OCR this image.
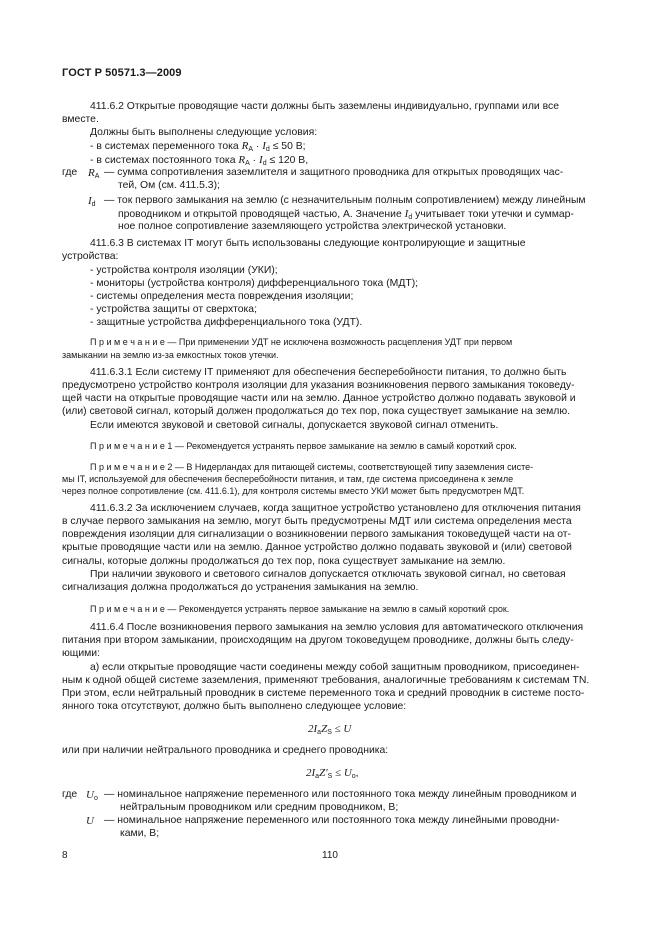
ГОСТ Р 50571.3—2009
411.6.2 Открытые проводящие части должны быть заземлены индивидуально, группами или все
вместе.
Должны быть выполнены следующие условия:
- в системах переменного тока $R_A \cdot I_d \le 50$ В;
- в системах постоянного тока $R_A \cdot I_d \le 120$ В,
где $R_A$ — сумма сопротивления заземлителя и защитного проводника для открытых проводящих час-
тей, Ом (см. 411.5.3);
$I_d$ — ток первого замыкания на землю (с незначительным полным сопротивлением) между линейным
проводником и открытой проводящей частью, А. Значение $I_d$ учитывает токи утечки и суммар-
ное полное сопротивление заземляющего устройства электрической установки.
411.6.3 В системах IT могут быть использованы следующие контролирующие и защитные
устройства:
- устройства контроля изоляции (УКИ);
- мониторы (устройства контроля) дифференциального тока (МДТ);
- системы определения места повреждения изоляции;
- устройства защиты от сверхтока;
- защитные устройства дифференциального тока (УДТ).
П р и м е ч а н и е — При применении УДТ не исключена возможность расцепления УДТ при первом
замыкании на землю из-за емкостных токов утечки.
411.6.3.1 Если систему IT применяют для обеспечения бесперебойности питания, то должно быть
предусмотрено устройство контроля изоляции для указания возникновения первого замыкания токоведу-
щей части на открытые проводящие части или на землю. Данное устройство должно подавать звуковой и
(или) световой сигнал, который должен продолжаться до тех пор, пока существует замыкание на землю.
Если имеются звуковой и световой сигналы, допускается звуковой сигнал отменить.
П р и м е ч а н и е 1 — Рекомендуется устранять первое замыкание на землю в самый короткий срок.
П р и м е ч а н и е 2 — В Нидерландах для питающей системы, соответствующей типу заземления систе-
мы IT, используемой для обеспечения бесперебойности питания, и там, где система присоединена к земле
через полное сопротивление (см. 411.6.1), для контроля системы вместо УКИ может быть предусмотрен МДТ.
411.6.3.2 За исключением случаев, когда защитное устройство установлено для отключения питания
в случае первого замыкания на землю, могут быть предусмотрены МДТ или система определения места
повреждения изоляции для сигнализации о возникновении первого замыкания токоведущей части на от-
крытые проводящие части или на землю. Данное устройство должно подавать звуковой и (или) световой
сигналы, которые должны продолжаться до тех пор, пока существует замыкание на землю.
При наличии звукового и светового сигналов допускается отключать звуковой сигнал, но световая
сигнализация должна продолжаться до устранения замыкания на землю.
П р и м е ч а н и е — Рекомендуется устранять первое замыкание на землю в самый короткий срок.
411.6.4 После возникновения первого замыкания на землю условия для автоматического отключения
питания при втором замыкании, происходящим на другом токоведущем проводнике, должны быть следу-
ющими:
а) если открытые проводящие части соединены между собой защитным проводником, присоединен-
ным к одной общей системе заземления, применяют требования, аналогичные требованиям к системам TN.
При этом, если нейтральный проводник в системе переменного тока и средний проводник в системе посто-
янного тока отсутствуют, должно быть выполнено следующее условие:
$2I_aZ_S \le U$
или при наличии нейтрального проводника и среднего проводника:
$2I_aZ'_S \le U_o$,
где $U_o$ — номинальное напряжение переменного или постоянного тока между линейным проводником и
нейтральным проводником или средним проводником, В;
U — номинальное напряжение переменного или постоянного тока между линейными проводни-
ками, В;
8	110
